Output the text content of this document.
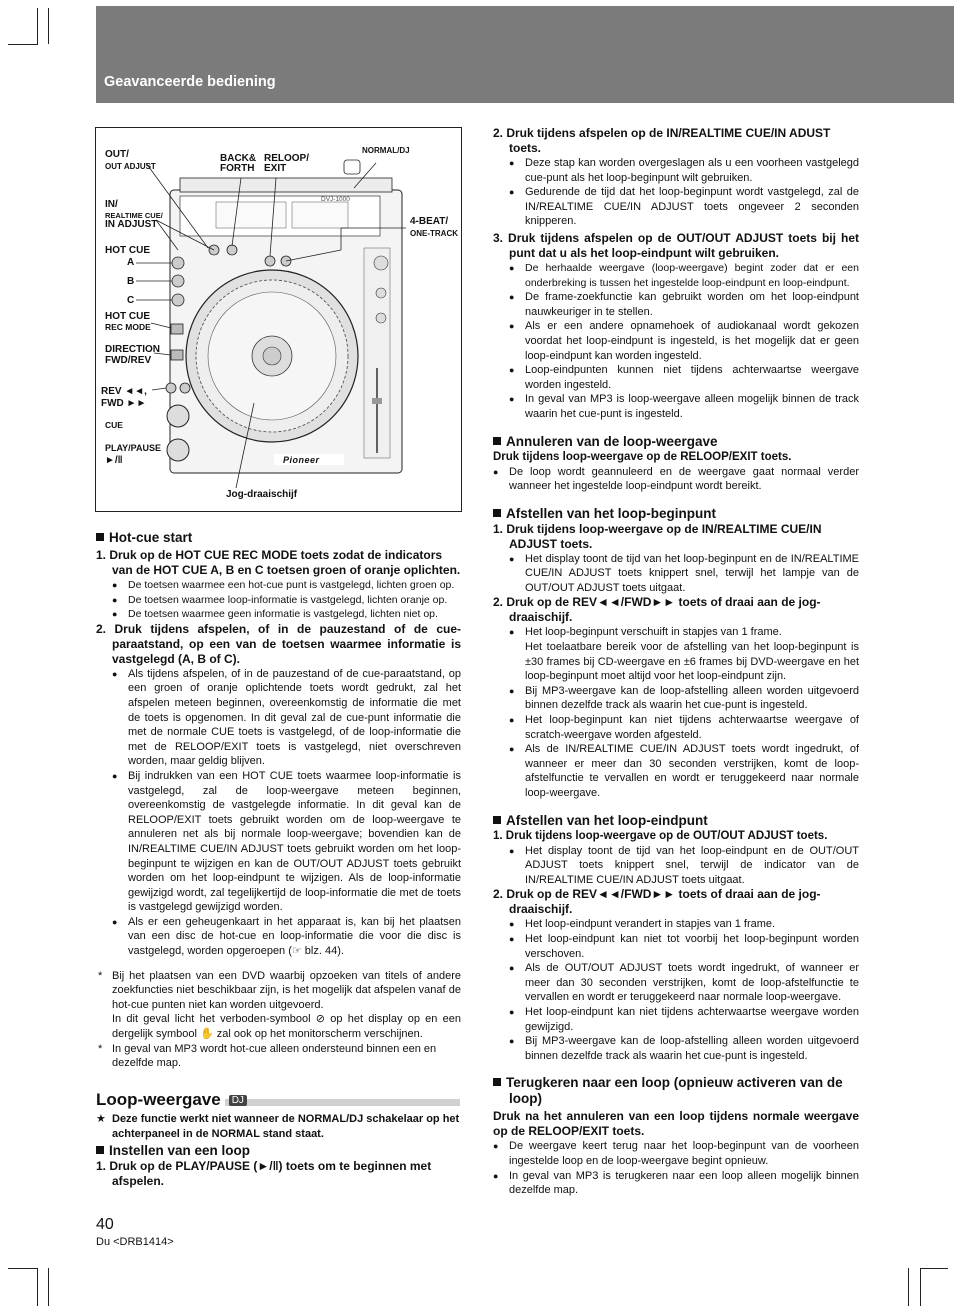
Geavanceerde bediening
OUT/
OUT ADJUST
IN/
REALTIME CUE/
IN ADJUST
BACK&
FORTH
RELOOP/
EXIT
NORMAL/DJ
4-BEAT/
ONE-TRACK
HOT CUE
A
B
C
HOT CUE
REC MODE
DIRECTION
FWD/REV
REV ◄◄,
FWD ►►
CUE
PLAY/PAUSE
►/ǁ
Jog-draaischijf
DVJ-1000
Pioneer

Hot-cue start

1. Druk op de HOT CUE REC MODE toets zodat de indicators van de HOT CUE A, B en C toetsen groen of oranje oplichten.

● De toetsen waarmee een hot-cue punt is vastgelegd, lichten groen op.

● De toetsen waarmee loop-informatie is vastgelegd, lichten oranje op.

● De toetsen waarmee geen informatie is vastgelegd, lichten niet op.

2. Druk tijdens afspelen, of in de pauzestand of de cue-paraatstand, op een van de toetsen waarmee informatie is vastgelegd (A, B of C).

● Als tijdens afspelen, of in de pauzestand of de cue-paraatstand, op een groen of oranje oplichtende toets wordt gedrukt, zal het afspelen meteen beginnen, overeenkomstig de informatie die met de toets is opgenomen. In dit geval zal de cue-punt informatie die met de normale CUE toets is vastgelegd, of de loop-informatie die met de RELOOP/EXIT toets is vastgelegd, niet overschreven worden, maar geldig blijven.

● Bij indrukken van een HOT CUE toets waarmee loop-informatie is vastgelegd, zal de loop-weergave meteen beginnen, overeenkomstig de vastgelegde informatie. In dit geval kan de RELOOP/EXIT toets gebruikt worden om de loop-weergave te annuleren net als bij normale loop-weergave; bovendien kan de IN/REALTIME CUE/IN ADJUST toets gebruikt worden om het loop-beginpunt te wijzigen en kan de OUT/OUT ADJUST toets gebruikt worden om het loop-eindpunt te wijzigen. Als de loop-informatie gewijzigd wordt, zal tegelijkertijd de loop-informatie die met de toets is vastgelegd gewijzigd worden.

● Als er een geheugenkaart in het apparaat is, kan bij het plaatsen van een disc de hot-cue en loop-informatie die voor die disc is vastgelegd, worden opgeroepen (☞ blz. 44).

* Bij het plaatsen van een DVD waarbij opzoeken van titels of andere zoekfuncties niet beschikbaar zijn, is het mogelijk dat afspelen vanaf de hot-cue punten niet kan worden uitgevoerd.

In dit geval licht het verboden-symbool ⊘ op het display op en een dergelijk symbool ✋ zal ook op het monitorscherm verschijnen.

* In geval van MP3 wordt hot-cue alleen ondersteund binnen een en dezelfde map.

Loop-weergave DJ

★ Deze functie werkt niet wanneer de NORMAL/DJ schakelaar op het achterpaneel in de NORMAL stand staat.

Instellen van een loop

1. Druk op de PLAY/PAUSE (►/ǁ) toets om te beginnen met afspelen.

2. Druk tijdens afspelen op de IN/REALTIME CUE/IN ADUST toets.

● Deze stap kan worden overgeslagen als u een voorheen vastgelegd cue-punt als het loop-beginpunt wilt gebruiken.

● Gedurende de tijd dat het loop-beginpunt wordt vastgelegd, zal de IN/REALTIME CUE/IN ADJUST toets ongeveer 2 seconden knipperen.

3. Druk tijdens afspelen op de OUT/OUT ADJUST toets bij het punt dat u als het loop-eindpunt wilt gebruiken.

● De herhaalde weergave (loop-weergave) begint zoder dat er een onderbreking is tussen het ingestelde loop-eindpunt en loop-eindpunt.

● De frame-zoekfunctie kan gebruikt worden om het loop-eindpunt nauwkeuriger in te stellen.

● Als er een andere opnamehoek of audiokanaal wordt gekozen voordat het loop-eindpunt is ingesteld, is het mogelijk dat er geen loop-eindpunt kan worden ingesteld.

● Loop-eindpunten kunnen niet tijdens achterwaartse weergave worden ingesteld.

● In geval van MP3 is loop-weergave alleen mogelijk binnen de track waarin het cue-punt is ingesteld.

Annuleren van de loop-weergave

Druk tijdens loop-weergave op de RELOOP/EXIT toets.

● De loop wordt geannuleerd en de weergave gaat normaal verder wanneer het ingestelde loop-eindpunt wordt bereikt.

Afstellen van het loop-beginpunt

1. Druk tijdens loop-weergave op de IN/REALTIME CUE/IN ADJUST toets.

● Het display toont de tijd van het loop-beginpunt en de IN/REALTIME CUE/IN ADJUST toets knippert snel, terwijl het lampje van de OUT/OUT ADJUST toets uitgaat.

2. Druk op de REV◄◄/FWD►► toets of draai aan de jog-draaischijf.

● Het loop-beginpunt verschuift in stapjes van 1 frame.

Het toelaatbare bereik voor de afstelling van het loop-beginpunt is ±30 frames bij CD-weergave en ±6 frames bij DVD-weergave en het loop-beginpunt moet altijd voor het loop-eindpunt zijn.

● Bij MP3-weergave kan de loop-afstelling alleen worden uitgevoerd binnen dezelfde track als waarin het cue-punt is ingesteld.

● Het loop-beginpunt kan niet tijdens achterwaartse weergave of scratch-weergave worden afgesteld.

● Als de IN/REALTIME CUE/IN ADJUST toets wordt ingedrukt, of wanneer er meer dan 30 seconden verstrijken, komt de loop-afstelfunctie te vervallen en wordt er teruggekeerd naar normale loop-weergave.

Afstellen van het loop-eindpunt

1. Druk tijdens loop-weergave op de OUT/OUT ADJUST toets.

● Het display toont de tijd van het loop-eindpunt en de OUT/OUT ADJUST toets knippert snel, terwijl de indicator van de IN/REALTIME CUE/IN ADJUST toets uitgaat.

2. Druk op de REV◄◄/FWD►► toets of draai aan de jog-draaischijf.

● Het loop-eindpunt verandert in stapjes van 1 frame.

● Het loop-eindpunt kan niet tot voorbij het loop-beginpunt worden verschoven.

● Als de OUT/OUT ADJUST toets wordt ingedrukt, of wanneer er meer dan 30 seconden verstrijken, komt de loop-afstelfunctie te vervallen en wordt er teruggekeerd naar normale loop-weergave.

● Het loop-eindpunt kan niet tijdens achterwaartse weergave worden gewijzigd.

● Bij MP3-weergave kan de loop-afstelling alleen worden uitgevoerd binnen dezelfde track als waarin het cue-punt is ingesteld.

Terugkeren naar een loop (opnieuw activeren van de loop)

Druk na het annuleren van een loop tijdens normale weergave op de RELOOP/EXIT toets.

● De weergave keert terug naar het loop-beginpunt van de voorheen ingestelde loop en de loop-weergave begint opnieuw.

● In geval van MP3 is terugkeren naar een loop alleen mogelijk binnen dezelfde map.

40
Du <DRB1414>
